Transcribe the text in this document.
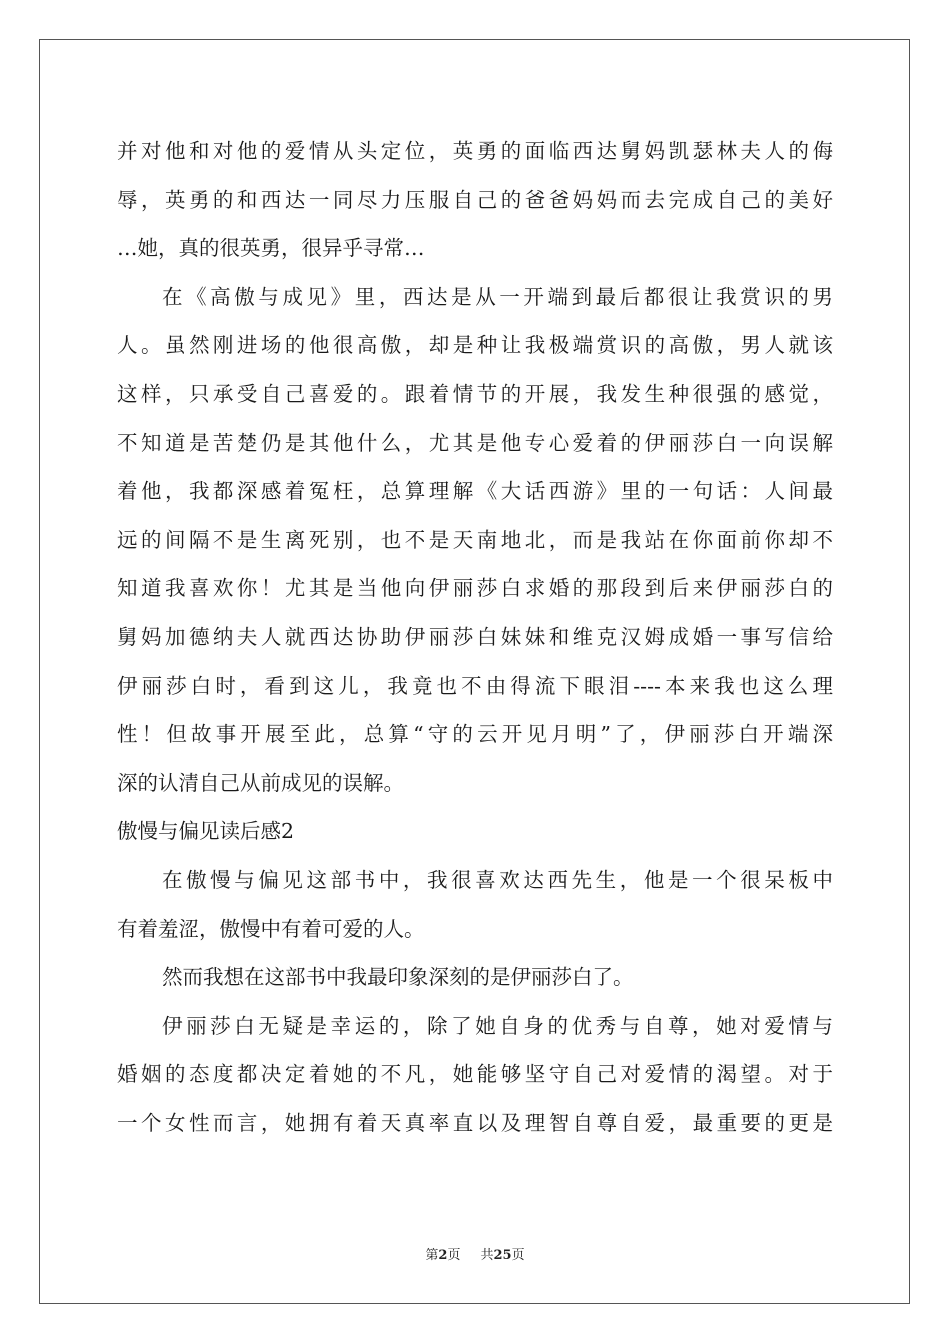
并对他和对他的爱情从头定位，英勇的面临西达舅妈凯瑟林夫人的侮
辱，英勇的和西达一同尽力压服自己的爸爸妈妈而去完成自己的美好
…她，真的很英勇，很异乎寻常…
在《高傲与成见》里，西达是从一开端到最后都很让我赏识的男
人。虽然刚进场的他很高傲，却是种让我极端赏识的高傲，男人就该
这样，只承受自己喜爱的。跟着情节的开展，我发生种很强的感觉，
不知道是苦楚仍是其他什么，尤其是他专心爱着的伊丽莎白一向误解
着他，我都深感着冤枉，总算理解《大话西游》里的一句话：人间最
远的间隔不是生离死别，也不是天南地北，而是我站在你面前你却不
知道我喜欢你！尤其是当他向伊丽莎白求婚的那段到后来伊丽莎白的
舅妈加德纳夫人就西达协助伊丽莎白妹妹和维克汉姆成婚一事写信给
伊丽莎白时，看到这儿，我竟也不由得流下眼泪----本来我也这么理
性！但故事开展至此，总算“守的云开见月明”了，伊丽莎白开端深
深的认清自己从前成见的误解。
傲慢与偏见读后感2
在傲慢与偏见这部书中，我很喜欢达西先生，他是一个很呆板中
有着羞涩，傲慢中有着可爱的人。
然而我想在这部书中我最印象深刻的是伊丽莎白了。
伊丽莎白无疑是幸运的，除了她自身的优秀与自尊，她对爱情与
婚姻的态度都决定着她的不凡，她能够坚守自己对爱情的渴望。对于
一个女性而言，她拥有着天真率直以及理智自尊自爱，最重要的更是
第2页 共25页
